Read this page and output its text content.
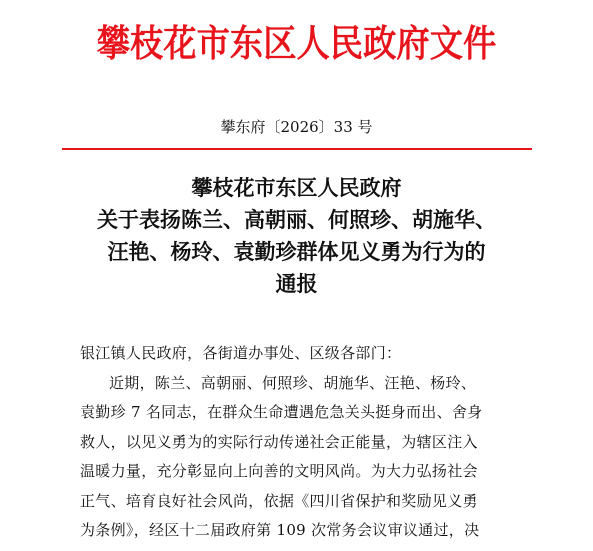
攀枝花市东区人民政府文件
攀东府〔2026〕33 号
攀枝花市东区人民政府
关于表扬陈兰、高朝丽、何照珍、胡施华、
汪艳、杨玲、袁勤珍群体见义勇为行为的
通报
银江镇人民政府，各街道办事处、区级各部门：
近期，陈兰、高朝丽、何照珍、胡施华、汪艳、杨玲、
袁勤珍 7 名同志，在群众生命遭遇危急关头挺身而出、舍身
救人，以见义勇为的实际行动传递社会正能量，为辖区注入
温暖力量，充分彰显向上向善的文明风尚。为大力弘扬社会
正气、培育良好社会风尚，依据《四川省保护和奖励见义勇
为条例》，经区十二届政府第 109 次常务会议审议通过，决
